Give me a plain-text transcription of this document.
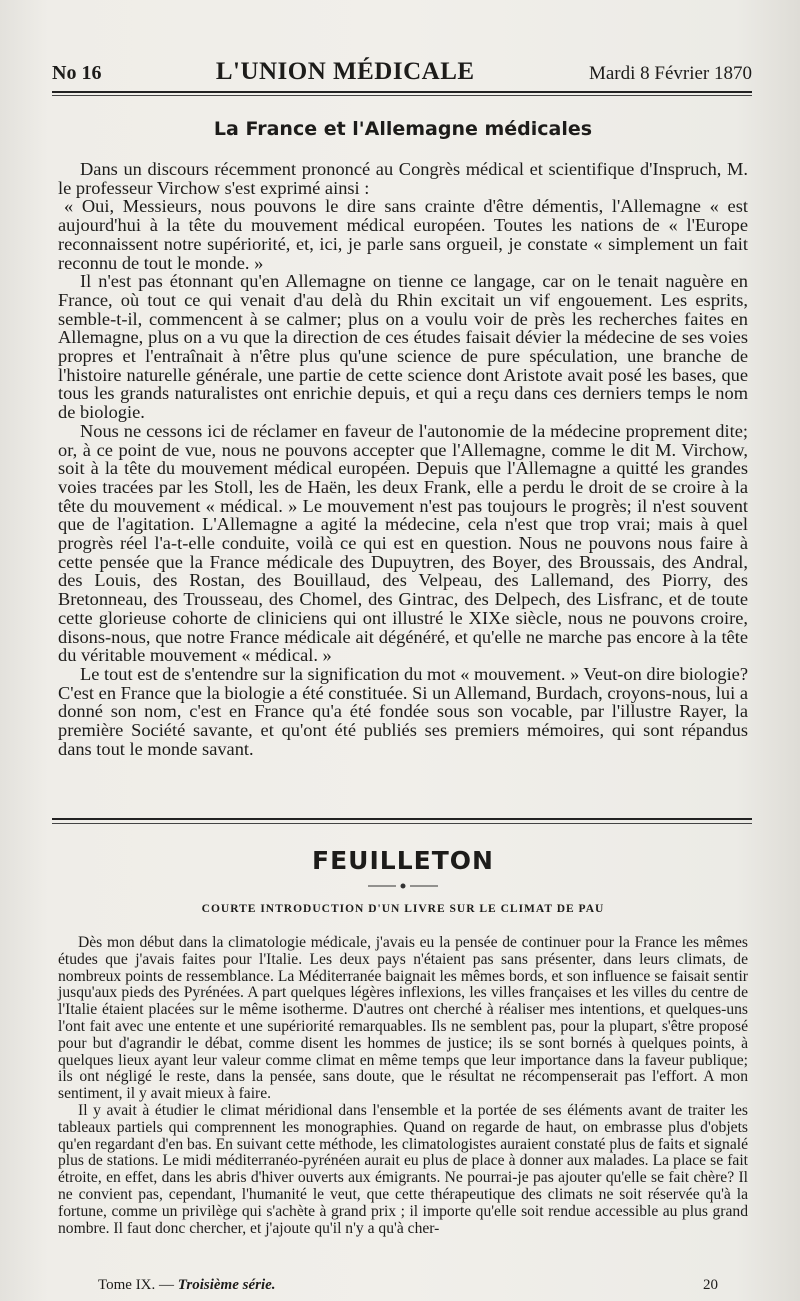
No 16	L'UNION MÉDICALE	Mardi 8 Février 1870
La France et l'Allemagne médicales

Dans un discours récemment prononcé au Congrès médical et scientifique d'Inspruch, M. le professeur Virchow s'est exprimé ainsi :

« Oui, Messieurs, nous pouvons le dire sans crainte d'être démentis, l'Allemagne « est aujourd'hui à la tête du mouvement médical européen. Toutes les nations de « l'Europe reconnaissent notre supériorité, et, ici, je parle sans orgueil, je constate « simplement un fait reconnu de tout le monde. »

Il n'est pas étonnant qu'en Allemagne on tienne ce langage, car on le tenait naguère en France, où tout ce qui venait d'au delà du Rhin excitait un vif engouement. Les esprits, semble-t-il, commencent à se calmer; plus on a voulu voir de près les recherches faites en Allemagne, plus on a vu que la direction de ces études faisait dévier la médecine de ses voies propres et l'entraînait à n'être plus qu'une science de pure spéculation, une branche de l'histoire naturelle générale, une partie de cette science dont Aristote avait posé les bases, que tous les grands naturalistes ont enrichie depuis, et qui a reçu dans ces derniers temps le nom de biologie.

Nous ne cessons ici de réclamer en faveur de l'autonomie de la médecine proprement dite; or, à ce point de vue, nous ne pouvons accepter que l'Allemagne, comme le dit M. Virchow, soit à la tête du mouvement médical européen. Depuis que l'Allemagne a quitté les grandes voies tracées par les Stoll, les de Haën, les deux Frank, elle a perdu le droit de se croire à la tête du mouvement « médical. » Le mouvement n'est pas toujours le progrès; il n'est souvent que de l'agitation. L'Allemagne a agité la médecine, cela n'est que trop vrai; mais à quel progrès réel l'a-t-elle conduite, voilà ce qui est en question. Nous ne pouvons nous faire à cette pensée que la France médicale des Dupuytren, des Boyer, des Broussais, des Andral, des Louis, des Rostan, des Bouillaud, des Velpeau, des Lallemand, des Piorry, des Bretonneau, des Trousseau, des Chomel, des Gintrac, des Delpech, des Lisfranc, et de toute cette glorieuse cohorte de cliniciens qui ont illustré le XIXe siècle, nous ne pouvons croire, disons-nous, que notre France médicale ait dégénéré, et qu'elle ne marche pas encore à la tête du véritable mouvement « médical. »

Le tout est de s'entendre sur la signification du mot « mouvement. » Veut-on dire biologie? C'est en France que la biologie a été constituée. Si un Allemand, Burdach, croyons-nous, lui a donné son nom, c'est en France qu'a été fondée sous son vocable, par l'illustre Rayer, la première Société savante, et qu'ont été publiés ses premiers mémoires, qui sont répandus dans tout le monde savant.

FEUILLETON
COURTE INTRODUCTION D'UN LIVRE SUR LE CLIMAT DE PAU

Dès mon début dans la climatologie médicale, j'avais eu la pensée de continuer pour la France les mêmes études que j'avais faites pour l'Italie. Les deux pays n'étaient pas sans présenter, dans leurs climats, de nombreux points de ressemblance. La Méditerranée baignait les mêmes bords, et son influence se faisait sentir jusqu'aux pieds des Pyrénées. A part quelques légères inflexions, les villes françaises et les villes du centre de l'Italie étaient placées sur le même isotherme. D'autres ont cherché à réaliser mes intentions, et quelques-uns l'ont fait avec une entente et une supériorité remarquables. Ils ne semblent pas, pour la plupart, s'être proposé pour but d'agrandir le débat, comme disent les hommes de justice; ils se sont bornés à quelques points, à quelques lieux ayant leur valeur comme climat en même temps que leur importance dans la faveur publique; ils ont négligé le reste, dans la pensée, sans doute, que le résultat ne récompenserait pas l'effort. A mon sentiment, il y avait mieux à faire.

Il y avait à étudier le climat méridional dans l'ensemble et la portée de ses éléments avant de traiter les tableaux partiels qui comprennent les monographies. Quand on regarde de haut, on embrasse plus d'objets qu'en regardant d'en bas. En suivant cette méthode, les climatologistes auraient constaté plus de faits et signalé plus de stations. Le midi méditerranéo-pyrénéen aurait eu plus de place à donner aux malades. La place se fait étroite, en effet, dans les abris d'hiver ouverts aux émigrants. Ne pourrai-je pas ajouter qu'elle se fait chère? Il ne convient pas, cependant, l'humanité le veut, que cette thérapeutique des climats ne soit réservée qu'à la fortune, comme un privilège qui s'achète à grand prix ; il importe qu'elle soit rendue accessible au plus grand nombre. Il faut donc chercher, et j'ajoute qu'il n'y a qu'à cher-

Tome IX. — Troisième série.	20
